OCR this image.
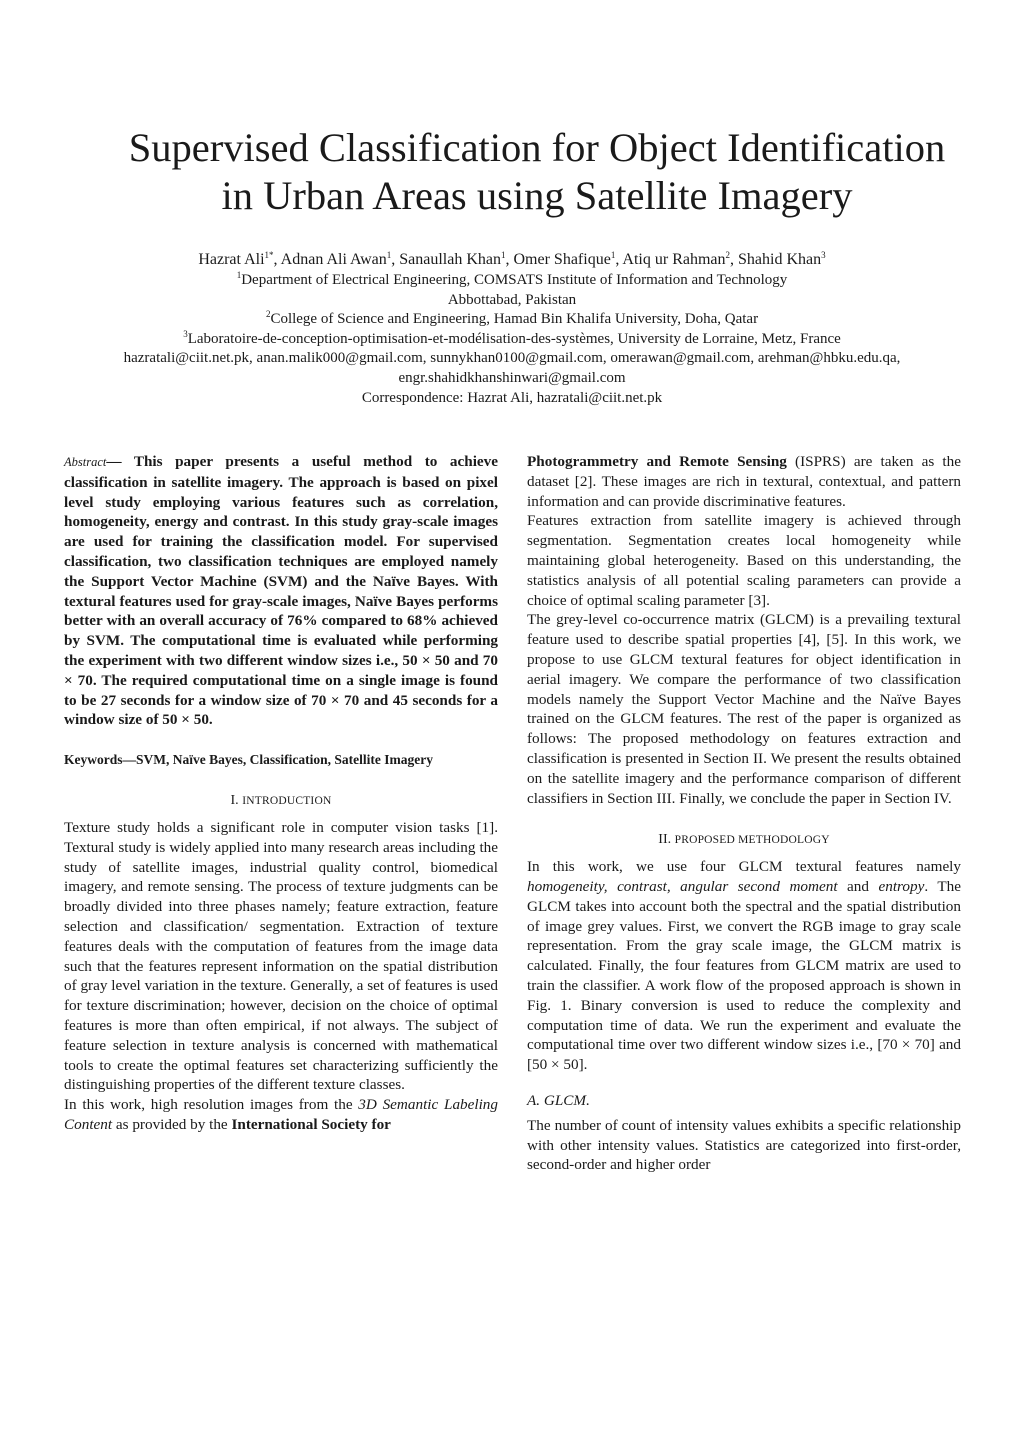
Supervised Classification for Object Identification
in Urban Areas using Satellite Imagery

Hazrat Ali$^{1*}$, Adnan Ali Awan$^1$, Sanaullah Khan$^1$, Omer Shafique$^1$, Atiq ur Rahman$^2$, Shahid Khan$^3$

$^1$Department of Electrical Engineering, COMSATS Institute of Information and Technology

Abbottabad, Pakistan

$^2$College of Science and Engineering, Hamad Bin Khalifa University, Doha, Qatar

$^3$Laboratoire-de-conception-optimisation-et-modélisation-des-systèmes, University de Lorraine, Metz, France

hazratali@ciit.net.pk, anan.malik000@gmail.com, sunnykhan0100@gmail.com, omerawan@gmail.com, arehman@hbku.edu.qa,

engr.shahidkhanshinwari@gmail.com

Correspondence: Hazrat Ali, hazratali@ciit.net.pk

Abstract— This paper presents a useful method to achieve classification in satellite imagery. The approach is based on pixel level study employing various features such as correlation, homogeneity, energy and contrast. In this study gray-scale images are used for training the classification model. For supervised classification, two classification techniques are employed namely the Support Vector Machine (SVM) and the Naïve Bayes. With textural features used for gray-scale images, Naïve Bayes performs better with an overall accuracy of 76% compared to 68% achieved by SVM. The computational time is evaluated while performing the experiment with two different window sizes i.e., 50 × 50 and 70 × 70. The required computational time on a single image is found to be 27 seconds for a window size of 70 × 70 and 45 seconds for a window size of 50 × 50.

Keywords—SVM, Naïve Bayes, Classification, Satellite Imagery

I. INTRODUCTION

Texture study holds a significant role in computer vision tasks [1]. Textural study is widely applied into many research areas including the study of satellite images, industrial quality control, biomedical imagery, and remote sensing. The process of texture judgments can be broadly divided into three phases namely; feature extraction, feature selection and classification/ segmentation. Extraction of texture features deals with the computation of features from the image data such that the features represent information on the spatial distribution of gray level variation in the texture. Generally, a set of features is used for texture discrimination; however, decision on the choice of optimal features is more than often empirical, if not always. The subject of feature selection in texture analysis is concerned with mathematical tools to create the optimal features set characterizing sufficiently the distinguishing properties of the different texture classes.

In this work, high resolution images from the 3D Semantic Labeling Content as provided by the International Society for

Photogrammetry and Remote Sensing (ISPRS) are taken as the dataset [2]. These images are rich in textural, contextual, and pattern information and can provide discriminative features.

Features extraction from satellite imagery is achieved through segmentation. Segmentation creates local homogeneity while maintaining global heterogeneity. Based on this understanding, the statistics analysis of all potential scaling parameters can provide a choice of optimal scaling parameter [3].

The grey-level co-occurrence matrix (GLCM) is a prevailing textural feature used to describe spatial properties [4], [5]. In this work, we propose to use GLCM textural features for object identification in aerial imagery. We compare the performance of two classification models namely the Support Vector Machine and the Naïve Bayes trained on the GLCM features. The rest of the paper is organized as follows: The proposed methodology on features extraction and classification is presented in Section II. We present the results obtained on the satellite imagery and the performance comparison of different classifiers in Section III. Finally, we conclude the paper in Section IV.

II. PROPOSED METHODOLOGY

In this work, we use four GLCM textural features namely homogeneity, contrast, angular second moment and entropy. The GLCM takes into account both the spectral and the spatial distribution of image grey values. First, we convert the RGB image to gray scale representation. From the gray scale image, the GLCM matrix is calculated. Finally, the four features from GLCM matrix are used to train the classifier. A work flow of the proposed approach is shown in Fig. 1. Binary conversion is used to reduce the complexity and computation time of data. We run the experiment and evaluate the computational time over two different window sizes i.e., [70 × 70] and [50 × 50].

A. GLCM.

The number of count of intensity values exhibits a specific relationship with other intensity values. Statistics are categorized into first-order, second-order and higher order
